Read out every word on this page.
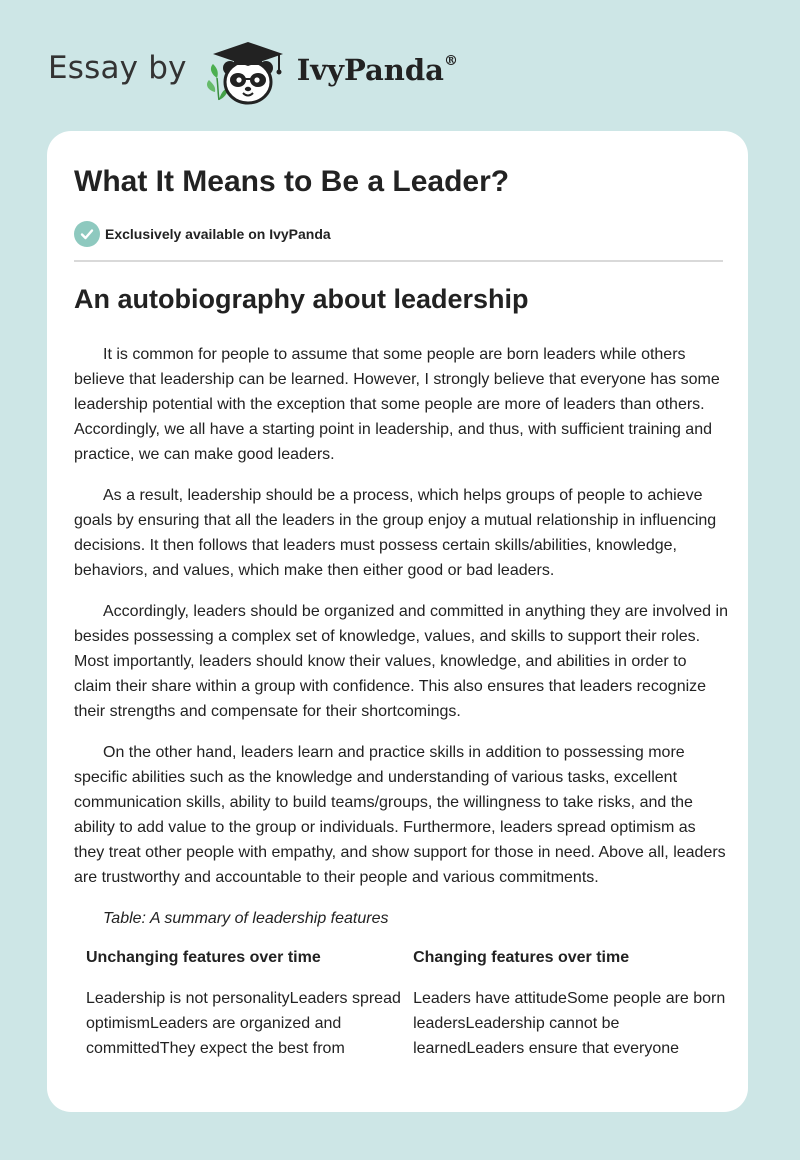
Essay by	IvyPanda®
What It Means to Be a Leader?
Exclusively available on IvyPanda
An autobiography about leadership

It is common for people to assume that some people are born leaders while others believe that leadership can be learned. However, I strongly believe that everyone has some leadership potential with the exception that some people are more of leaders than others. Accordingly, we all have a starting point in leadership, and thus, with sufficient training and practice, we can make good leaders.

As a result, leadership should be a process, which helps groups of people to achieve goals by ensuring that all the leaders in the group enjoy a mutual relationship in influencing decisions. It then follows that leaders must possess certain skills/abilities, knowledge, behaviors, and values, which make then either good or bad leaders.

Accordingly, leaders should be organized and committed in anything they are involved in besides possessing a complex set of knowledge, values, and skills to support their roles. Most importantly, leaders should know their values, knowledge, and abilities in order to claim their share within a group with confidence. This also ensures that leaders recognize their strengths and compensate for their shortcomings.

On the other hand, leaders learn and practice skills in addition to possessing more specific abilities such as the knowledge and understanding of various tasks, excellent communication skills, ability to build teams/groups, the willingness to take risks, and the ability to add value to the group or individuals. Furthermore, leaders spread optimism as they treat other people with empathy, and show support for those in need. Above all, leaders are trustworthy and accountable to their people and various commitments.

Table: A summary of leadership features
Unchanging features over time	Changing features over time
Leadership is not personalityLeaders spread optimismLeaders are organized and committedThey expect the best from	Leaders have attitudeSome people are born leadersLeadership cannot be learnedLeaders ensure that everyone
